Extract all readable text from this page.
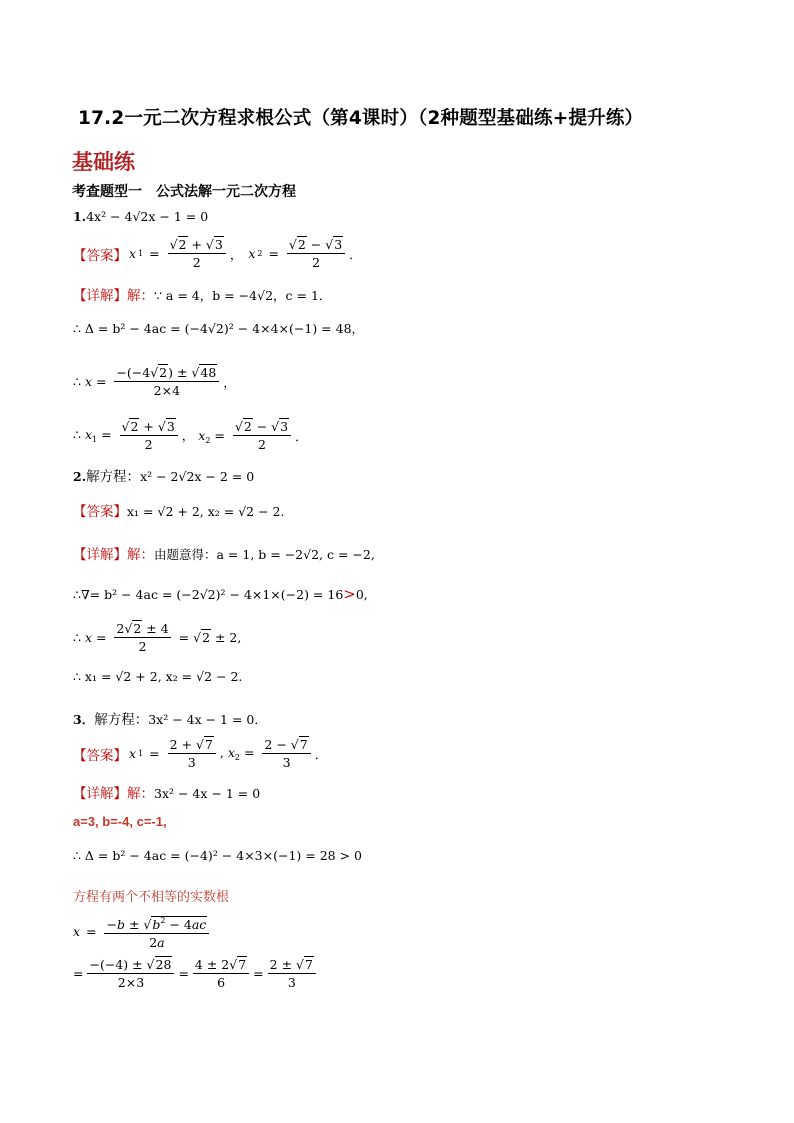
17.2一元二次方程求根公式（第4课时）（2种题型基础练+提升练）
基础练
考查题型一　公式法解一元二次方程
1.4x² − 4√2x − 1 = 0
【答案】 x $1 = \frac{√2 + √3}{2}$ ， x $2 = \frac{√2 - √3}{2}$ ．
【详解】解：∵ a = 4，b = −4√2，c = 1．
∴ Δ = b² − 4ac = (−4√2)² − 4×4×(−1) = 48，
∴ $x = \frac{-(-4√2) \pm √48}{2\times 4}$ ，
∴ $x_1 = \frac{√2 + √3}{2}$ ， $x_2 = \frac{√2 - √3}{2}$ ．
2.解方程：x² − 2√2x − 2 = 0
【答案】x₁ = √2 + 2, x₂ = √2 − 2.
【详解】解：由题意得：a = 1, b = −2√2, c = −2,
∴∇= b² − 4ac = (−2√2)² − 4×1×(−2) = 16>0,
∴ $x = \frac{2√2 \pm 4}{2} = √2 \pm 2$,
∴ x₁ = √2 + 2, x₂ = √2 − 2.
3．解方程：3x² − 4x − 1 = 0．
【答案】 x $1 = \frac{2 + √7}{3}$ , $x_2 = \frac{2 - √7}{3}$ ．
【详解】解：3x² − 4x − 1 = 0
a=3, b=-4, c=-1,
∴ Δ = b² − 4ac = (−4)² − 4×3×(−1) = 28 > 0
方程有两个不相等的实数根
$x = \frac{-b \pm √b^2 - 4ac}{2a}$
= $\frac{-(-4) \pm √28}{2\times 3} = \frac{4 \pm 2√7}{6} = \frac{2 \pm √7}{3}$
